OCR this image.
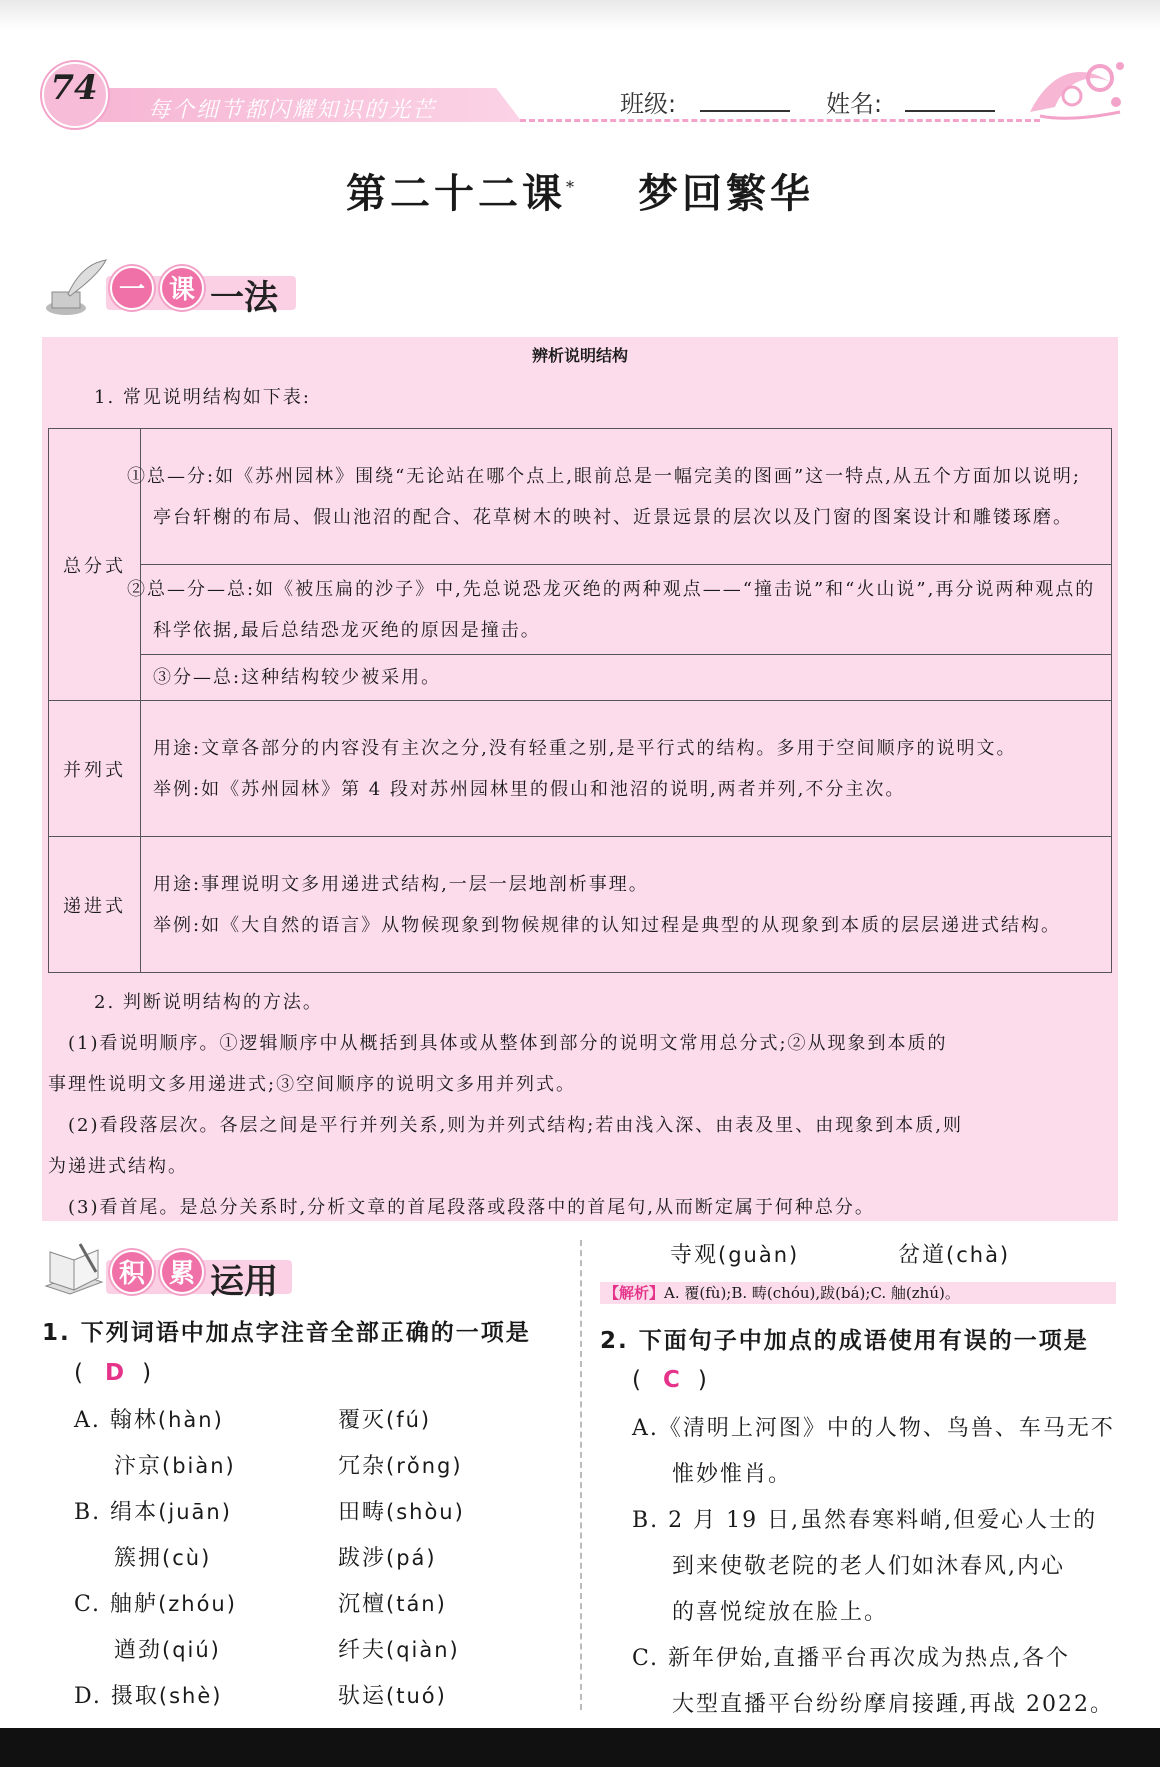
74
每个细节都闪耀知识的光芒	班级:	姓名:
第二十二课* 梦回繁华
一 课 一法
辨析说明结构
1. 常见说明结构如下表:
总分式	①总—分:如《苏州园林》围绕“无论站在哪个点上,眼前总是一幅完美的图画”这一特点,从五个方面加以说明;亭台轩榭的布局、假山池沼的配合、花草树木的映衬、近景远景的层次以及门窗的图案设计和雕镂琢磨。
	②总—分—总:如《被压扁的沙子》中,先总说恐龙灭绝的两种观点——“撞击说”和“火山说”,再分说两种观点的科学依据,最后总结恐龙灭绝的原因是撞击。
	③分—总:这种结构较少被采用。
并列式	用途:文章各部分的内容没有主次之分,没有轻重之别,是平行式的结构。多用于空间顺序的说明文。
举例:如《苏州园林》第 4 段对苏州园林里的假山和池沼的说明,两者并列,不分主次。

递进式	用途:事理说明文多用递进式结构,一层一层地剖析事理。
举例:如《大自然的语言》从物候现象到物候规律的认知过程是典型的从现象到本质的层层递进式结构。
2. 判断说明结构的方法。
(1)看说明顺序。①逻辑顺序中从概括到具体或从整体到部分的说明文常用总分式;②从现象到本质的
事理性说明文多用递进式;③空间顺序的说明文多用并列式。
(2)看段落层次。各层之间是平行并列关系,则为并列式结构;若由浅入深、由表及里、由现象到本质,则
为递进式结构。
(3)看首尾。是总分关系时,分析文章的首尾段落或段落中的首尾句,从而断定属于何种总分。
积 累 运用
1. 下列词语中加点字注音全部正确的一项是
( D )
A. 翰林(hàn)	覆灭(fú)
汴京(biàn)	冗杂(rǒng)
B. 绢本(juān)	田畴(shòu)
簇拥(cù)	跋涉(pá)
C. 舳舻(zhóu)	沉檀(tán)
遒劲(qiú)	纤夫(qiàn)
D. 摄取(shè)	驮运(tuó)
寺观(guàn)	岔道(chà)
【解析】A. 覆(fù);B. 畴(chóu),跋(bá);C. 舳(zhú)。
2. 下面句子中加点的成语使用有误的一项是
( C )
A.《清明上河图》中的人物、鸟兽、车马无不
惟妙惟肖。
B. 2 月 19 日,虽然春寒料峭,但爱心人士的
到来使敬老院的老人们如沐春风,内心
的喜悦绽放在脸上。
C. 新年伊始,直播平台再次成为热点,各个
大型直播平台纷纷摩肩接踵,再战 2022。
